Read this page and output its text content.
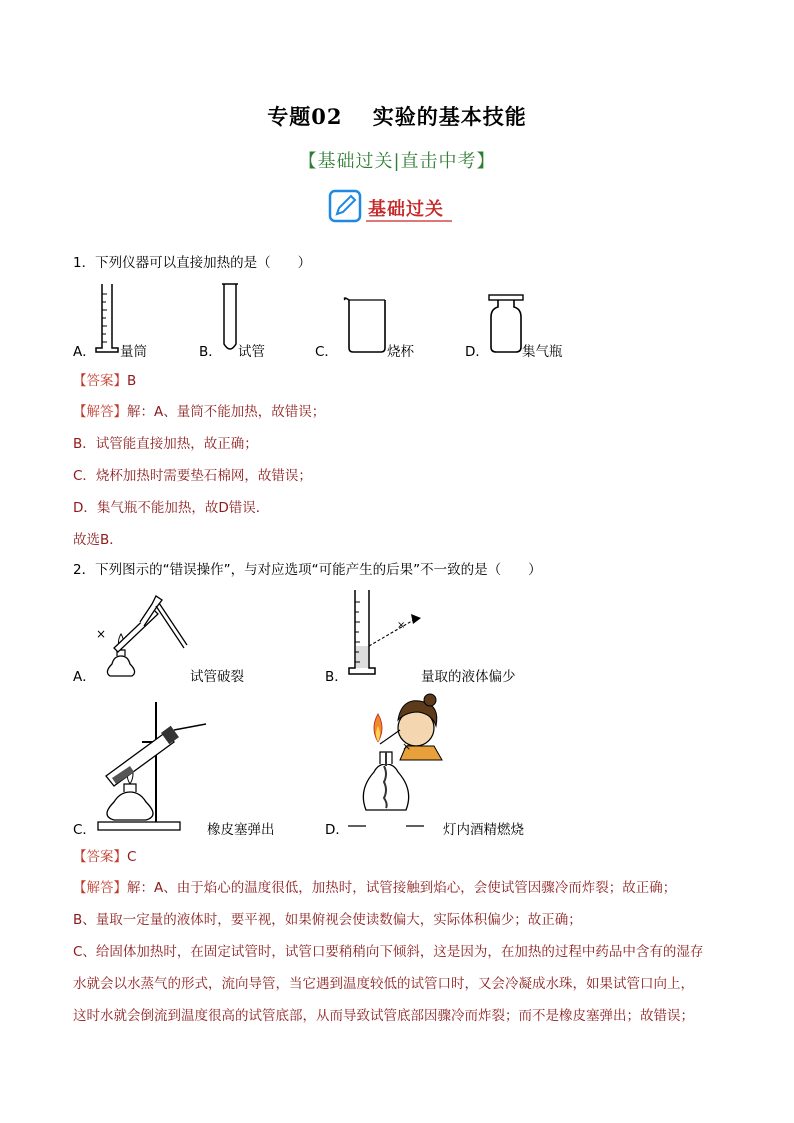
专题02　 实验的基本技能
【基础过关|直击中考】
基础过关
1．下列仪器可以直接加热的是（　　）
A． 量筒	B． 试管	C．	烧杯	D． 集气瓶
【答案】B
【解答】解：A、量筒不能加热，故错误；
B．试管能直接加热，故正确；
C．烧杯加热时需要垫石棉网，故错误；
D．集气瓶不能加热，故D错误．
故选B．
2．下列图示的“错误操作”，与对应选项“可能产生的后果”不一致的是（　　）
A．
×
试管破裂	B．
×
量取的液体偏少
C．	橡皮塞弹出	D．
×
灯内酒精燃烧
【答案】C
【解答】解：A、由于焰心的温度很低，加热时，试管接触到焰心，会使试管因骤冷而炸裂；故正确；
B、量取一定量的液体时，要平视，如果俯视会使读数偏大，实际体积偏少；故正确；
C、给固体加热时，在固定试管时，试管口要稍稍向下倾斜，这是因为，在加热的过程中药品中含有的湿存
水就会以水蒸气的形式，流向导管，当它遇到温度较低的试管口时，又会冷凝成水珠，如果试管口向上，
这时水就会倒流到温度很高的试管底部，从而导致试管底部因骤冷而炸裂；而不是橡皮塞弹出；故错误；
